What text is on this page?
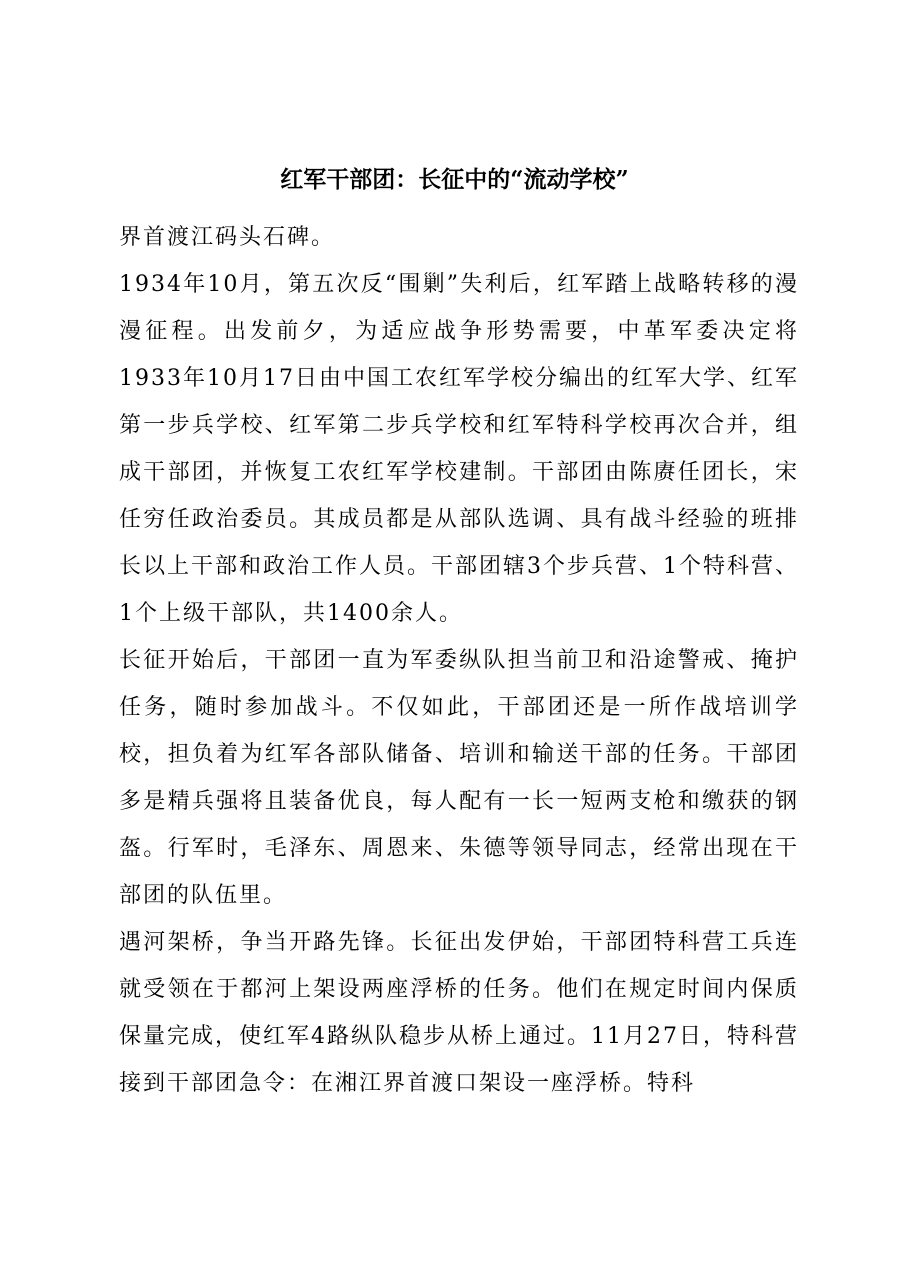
红军干部团：长征中的“流动学校”

界首渡江码头石碑。

1934年10月，第五次反“围剿”失利后，红军踏上战略转移的漫漫征程。出发前夕，为适应战争形势需要，中革军委决定将1933年10月17日由中国工农红军学校分编出的红军大学、红军第一步兵学校、红军第二步兵学校和红军特科学校再次合并，组成干部团，并恢复工农红军学校建制。干部团由陈赓任团长，宋任穷任政治委员。其成员都是从部队选调、具有战斗经验的班排长以上干部和政治工作人员。干部团辖3个步兵营、1个特科营、1个上级干部队，共1400余人。

长征开始后，干部团一直为军委纵队担当前卫和沿途警戒、掩护任务，随时参加战斗。不仅如此，干部团还是一所作战培训学校，担负着为红军各部队储备、培训和输送干部的任务。干部团多是精兵强将且装备优良，每人配有一长一短两支枪和缴获的钢盔。行军时，毛泽东、周恩来、朱德等领导同志，经常出现在干部团的队伍里。

遇河架桥，争当开路先锋。长征出发伊始，干部团特科营工兵连就受领在于都河上架设两座浮桥的任务。他们在规定时间内保质保量完成，使红军4路纵队稳步从桥上通过。11月27日，特科营接到干部团急令：在湘江界首渡口架设一座浮桥。特科
